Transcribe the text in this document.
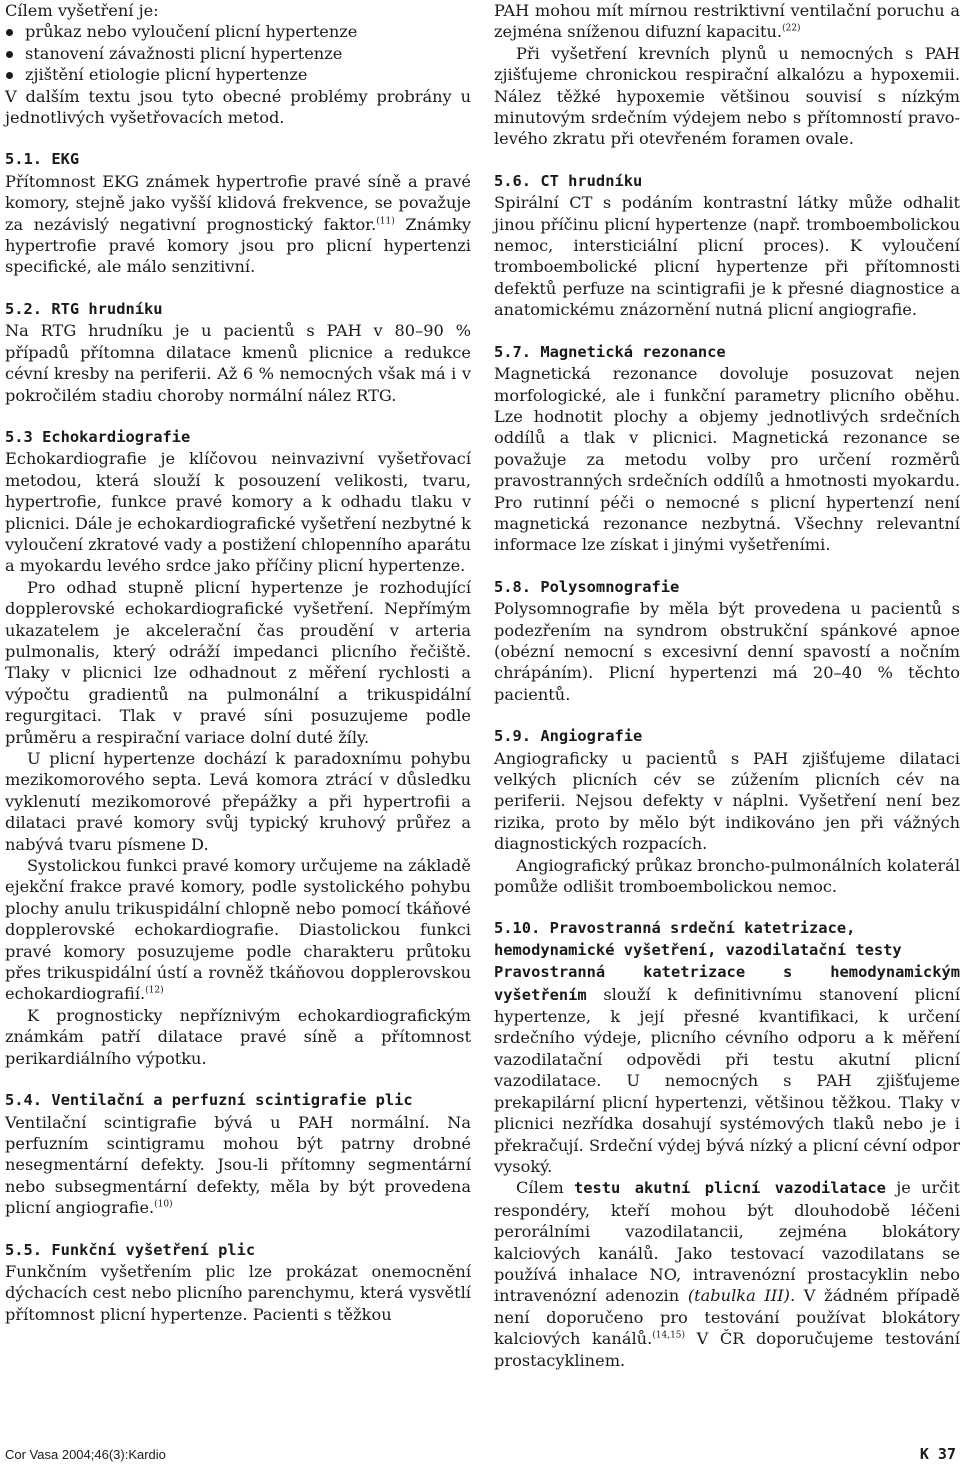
Cílem vyšetření je:

průkaz nebo vyloučení plicní hypertenze
stanovení závažnosti plicní hypertenze
zjištění etiologie plicní hypertenze

V dalším textu jsou tyto obecné problémy probrány u jednotlivých vyšetřovacích metod.

5.1. EKG

Přítomnost EKG známek hypertrofie pravé síně a pravé komory, stejně jako vyšší klidová frekvence, se považuje za nezávislý negativní prognostický faktor.$^{(11)}$ Známky hypertrofie pravé komory jsou pro plicní hypertenzi specifické, ale málo senzitivní.

5.2. RTG hrudníku

Na RTG hrudníku je u pacientů s PAH v 80–90 % případů přítomna dilatace kmenů plicnice a redukce cévní kresby na periferii. Až 6 % nemocných však má i v pokročilém stadiu choroby normální nález RTG.

5.3 Echokardiografie

Echokardiografie je klíčovou neinvazivní vyšetřovací metodou, která slouží k posouzení velikosti, tvaru, hypertrofie, funkce pravé komory a k odhadu tlaku v plicnici. Dále je echokardiografické vyšetření nezbytné k vyloučení zkratové vady a postižení chlopenního aparátu a myokardu levého srdce jako příčiny plicní hypertenze.

Pro odhad stupně plicní hypertenze je rozhodující dopplerovské echokardiografické vyšetření. Nepřímým ukazatelem je akcelerační čas proudění v arteria pulmonalis, který odráží impedanci plicního řečiště. Tlaky v plicnici lze odhadnout z měření rychlosti a výpočtu gradientů na pulmonální a trikuspidální regurgitaci. Tlak v pravé síni posuzujeme podle průměru a respirační variace dolní duté žíly.

U plicní hypertenze dochází k paradoxnímu pohybu mezikomorového septa. Levá komora ztrácí v důsledku vyklenutí mezikomorové přepážky a při hypertrofii a dilataci pravé komory svůj typický kruhový průřez a nabývá tvaru písmene D.

Systolickou funkci pravé komory určujeme na základě ejekční frakce pravé komory, podle systolického pohybu plochy anulu trikuspidální chlopně nebo pomocí tkáňové dopplerovské echokardiografie. Diastolickou funkci pravé komory posuzujeme podle charakteru průtoku přes trikuspidální ústí a rovněž tkáňovou dopplerovskou echokardiografií.$^{(12)}$

K prognosticky nepříznivým echokardiografickým známkám patří dilatace pravé síně a přítomnost perikardiálního výpotku.

5.4. Ventilační a perfuzní scintigrafie plic

Ventilační scintigrafie bývá u PAH normální. Na perfuzním scintigramu mohou být patrny drobné nesegmentární defekty. Jsou-li přítomny segmentární nebo subsegmentární defekty, měla by být provedena plicní angiografie.$^{(10)}$

5.5. Funkční vyšetření plic

Funkčním vyšetřením plic lze prokázat onemocnění dýchacích cest nebo plicního parenchymu, která vysvětlí přítomnost plicní hypertenze. Pacienti s těžkou

PAH mohou mít mírnou restriktivní ventilační poruchu a zejména sníženou difuzní kapacitu.$^{(22)}$

Při vyšetření krevních plynů u nemocných s PAH zjišťujeme chronickou respirační alkalózu a hypoxemii. Nález těžké hypoxemie většinou souvisí s nízkým minutovým srdečním výdejem nebo s přítomností pravo-levého zkratu při otevřeném foramen ovale.

5.6. CT hrudníku

Spirální CT s podáním kontrastní látky může odhalit jinou příčinu plicní hypertenze (např. tromboembolickou nemoc, intersticiální plicní proces). K vyloučení tromboembolické plicní hypertenze při přítomnosti defektů perfuze na scintigrafii je k přesné diagnostice a anatomickému znázornění nutná plicní angiografie.

5.7. Magnetická rezonance

Magnetická rezonance dovoluje posuzovat nejen morfologické, ale i funkční parametry plicního oběhu. Lze hodnotit plochy a objemy jednotlivých srdečních oddílů a tlak v plicnici. Magnetická rezonance se považuje za metodu volby pro určení rozměrů pravostranných srdečních oddílů a hmotnosti myokardu. Pro rutinní péči o nemocné s plicní hypertenzí není magnetická rezonance nezbytná. Všechny relevantní informace lze získat i jinými vyšetřeními.

5.8. Polysomnografie

Polysomnografie by měla být provedena u pacientů s podezřením na syndrom obstrukční spánkové apnoe (obézní nemocní s excesivní denní spavostí a nočním chrápáním). Plicní hypertenzi má 20–40 % těchto pacientů.

5.9. Angiografie

Angiograficky u pacientů s PAH zjišťujeme dilataci velkých plicních cév se zúžením plicních cév na periferii. Nejsou defekty v náplni. Vyšetření není bez rizika, proto by mělo být indikováno jen při vážných diagnostických rozpacích.

Angiografický průkaz broncho-pulmonálních kolaterál pomůže odlišit tromboembolickou nemoc.

5.10. Pravostranná srdeční katetrizace,
hemodynamické vyšetření, vazodilatační testy

Pravostranná katetrizace s hemodynamickým vyšetřením slouží k definitivnímu stanovení plicní hypertenze, k její přesné kvantifikaci, k určení srdečního výdeje, plicního cévního odporu a k měření vazodilatační odpovědi při testu akutní plicní vazodilatace. U nemocných s PAH zjišťujeme prekapilární plicní hypertenzi, většinou těžkou. Tlaky v plicnici nezřídka dosahují systémových tlaků nebo je i překračují. Srdeční výdej bývá nízký a plicní cévní odpor vysoký.

Cílem testu akutní plicní vazodilatace je určit respondéry, kteří mohou být dlouhodobě léčeni perorálními vazodilatancii, zejména blokátory kalciových kanálů. Jako testovací vazodilatans se používá inhalace NO, intravenózní prostacyklin nebo intravenózní adenozin (tabulka III). V žádném případě není doporučeno pro testování používat blokátory kalciových kanálů.$^{(14,15)}$ V ČR doporučujeme testování prostacyklinem.

Cor Vasa 2004;46(3):Kardio	K 37
